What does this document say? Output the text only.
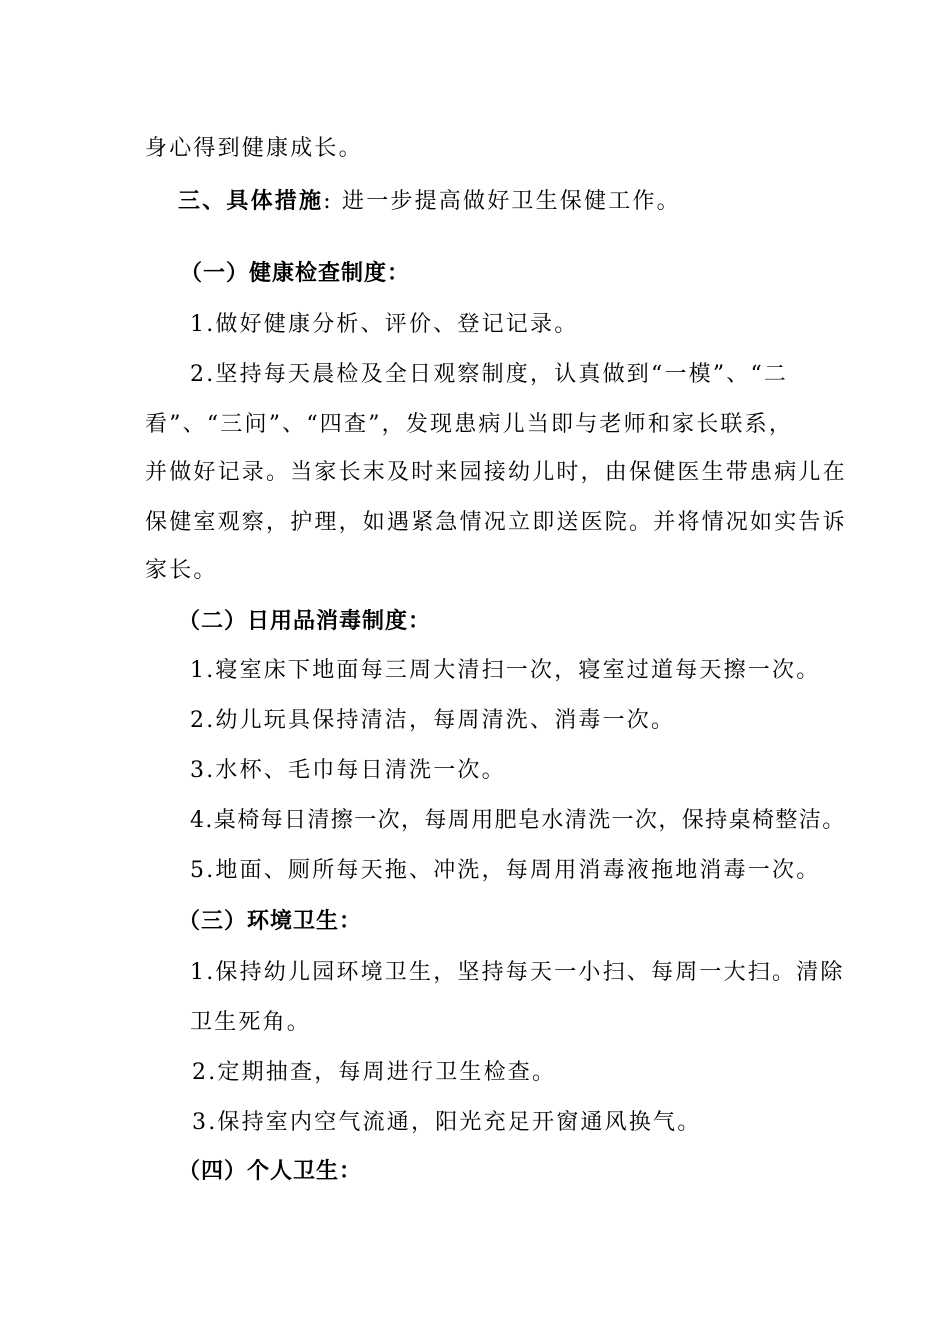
身心得到健康成长。
三、具体措施: 进一步提高做好卫生保健工作。
（一）健康检查制度：
1.做好健康分析、评价、登记记录。
2.坚持每天晨检及全日观察制度，认真做到“一模”、“二
看”、“三问”、“四查”，发现患病儿当即与老师和家长联系，
并做好记录。当家长末及时来园接幼儿时，由保健医生带患病儿在
保健室观察，护理，如遇紧急情况立即送医院。并将情况如实告诉
家长。
（二）日用品消毒制度：
1.寝室床下地面每三周大清扫一次，寝室过道每天擦一次。
2.幼儿玩具保持清洁，每周清洗、消毒一次。
3.水杯、毛巾每日清洗一次。
4.桌椅每日清擦一次，每周用肥皂水清洗一次，保持桌椅整洁。
5.地面、厕所每天拖、冲洗，每周用消毒液拖地消毒一次。
（三）环境卫生：
1.保持幼儿园环境卫生，坚持每天一小扫、每周一大扫。清除
卫生死角。
2.定期抽查，每周进行卫生检查。
3.保持室内空气流通，阳光充足开窗通风换气。
（四）个人卫生：
